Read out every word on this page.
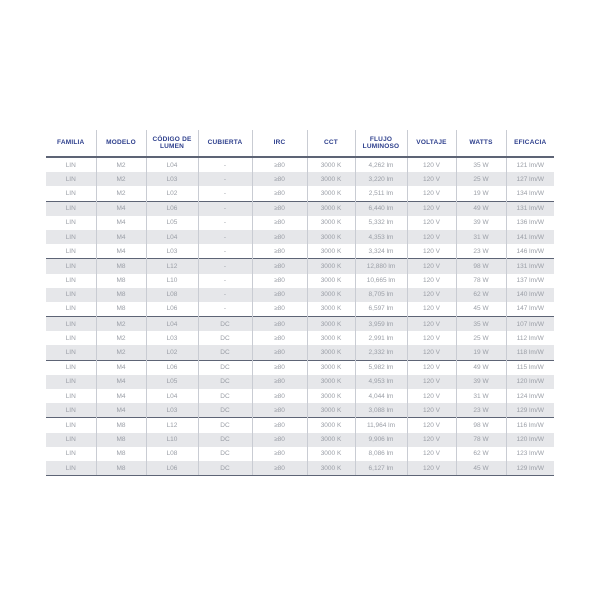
FAMILIA	MODELO	CÓDIGO DE LUMEN	CUBIERTA	IRC	CCT	FLUJO LUMINOSO	VOLTAJE	WATTS	EFICACIA
LIN	M2	L04	-	≥80	3000 K	4,262 lm	120 V	35 W	121 lm/W
LIN	M2	L03	-	≥80	3000 K	3,220 lm	120 V	25 W	127 lm/W
LIN	M2	L02	-	≥80	3000 K	2,511 lm	120 V	19 W	134 lm/W
LIN	M4	L06	-	≥80	3000 K	6,440 lm	120 V	49 W	131 lm/W
LIN	M4	L05	-	≥80	3000 K	5,332 lm	120 V	39 W	136 lm/W
LIN	M4	L04	-	≥80	3000 K	4,353 lm	120 V	31 W	141 lm/W
LIN	M4	L03	-	≥80	3000 K	3,324 lm	120 V	23 W	146 lm/W
LIN	M8	L12	-	≥80	3000 K	12,880 lm	120 V	98 W	131 lm/W
LIN	M8	L10	-	≥80	3000 K	10,665 lm	120 V	78 W	137 lm/W
LIN	M8	L08	-	≥80	3000 K	8,705 lm	120 V	62 W	140 lm/W
LIN	M8	L06	-	≥80	3000 K	6,597 lm	120 V	45 W	147 lm/W
LIN	M2	L04	DC	≥80	3000 K	3,959 lm	120 V	35 W	107 lm/W
LIN	M2	L03	DC	≥80	3000 K	2,991 lm	120 V	25 W	112 lm/W
LIN	M2	L02	DC	≥80	3000 K	2,332 lm	120 V	19 W	118 lm/W
LIN	M4	L06	DC	≥80	3000 K	5,982 lm	120 V	49 W	115 lm/W
LIN	M4	L05	DC	≥80	3000 K	4,953 lm	120 V	39 W	120 lm/W
LIN	M4	L04	DC	≥80	3000 K	4,044 lm	120 V	31 W	124 lm/W
LIN	M4	L03	DC	≥80	3000 K	3,088 lm	120 V	23 W	129 lm/W
LIN	M8	L12	DC	≥80	3000 K	11,964 lm	120 V	98 W	116 lm/W
LIN	M8	L10	DC	≥80	3000 K	9,906 lm	120 V	78 W	120 lm/W
LIN	M8	L08	DC	≥80	3000 K	8,086 lm	120 V	62 W	123 lm/W
LIN	M8	L06	DC	≥80	3000 K	6,127 lm	120 V	45 W	129 lm/W
